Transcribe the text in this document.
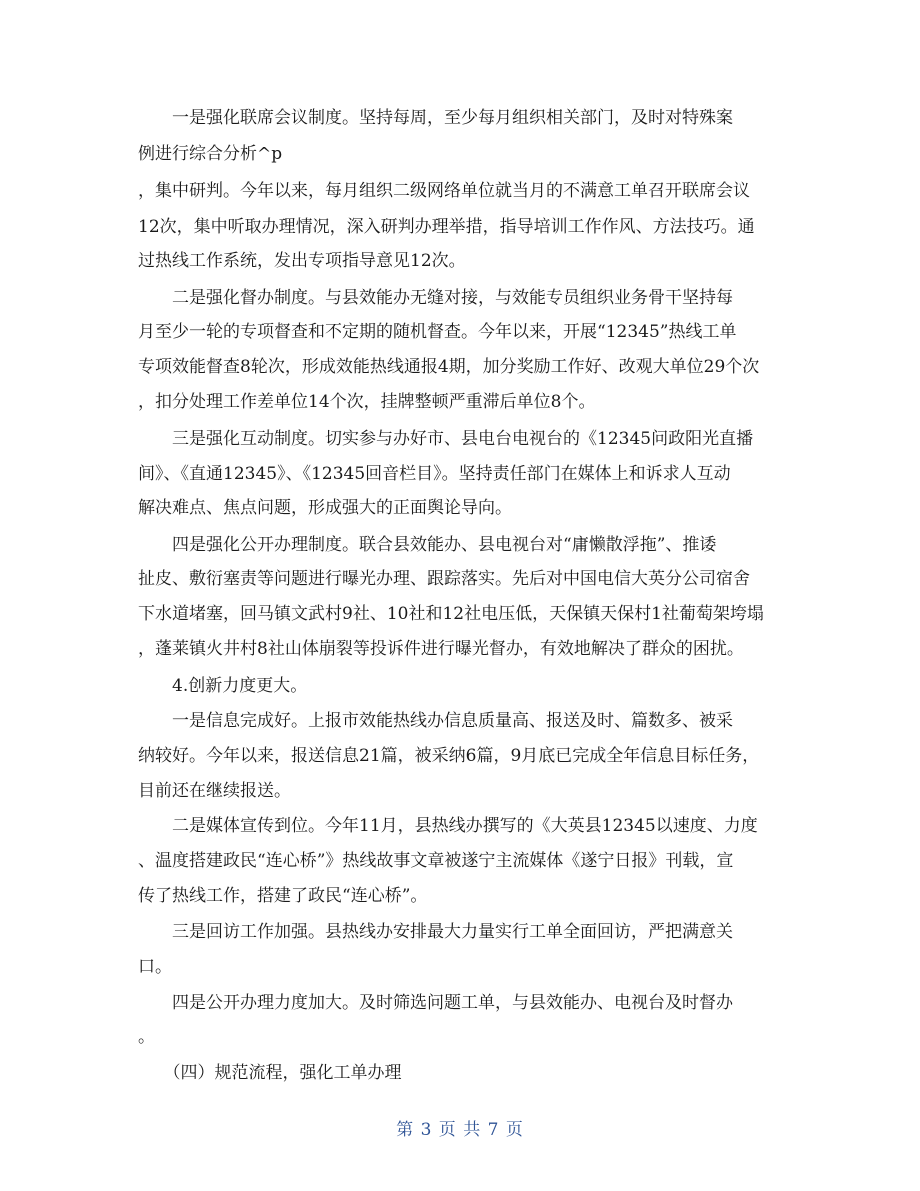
　　一是强化联席会议制度。坚持每周，至少每月组织相关部门，及时对特殊案
例进行综合分析^p
，集中研判。今年以来，每月组织二级网络单位就当月的不满意工单召开联席会议
12次，集中听取办理情况，深入研判办理举措，指导培训工作作风、方法技巧。通
过热线工作系统，发出专项指导意见12次。
　　二是强化督办制度。与县效能办无缝对接，与效能专员组织业务骨干坚持每
月至少一轮的专项督查和不定期的随机督查。今年以来，开展“12345”热线工单
专项效能督查8轮次，形成效能热线通报4期，加分奖励工作好、改观大单位29个次
，扣分处理工作差单位14个次，挂牌整顿严重滞后单位8个。
　　三是强化互动制度。切实参与办好市、县电台电视台的《12345问政阳光直播
间》、《直通12345》、《12345回音栏目》。坚持责任部门在媒体上和诉求人互动
解决难点、焦点问题，形成强大的正面舆论导向。
　　四是强化公开办理制度。联合县效能办、县电视台对“庸懒散浮拖”、推诿
扯皮、敷衍塞责等问题进行曝光办理、跟踪落实。先后对中国电信大英分公司宿舍
下水道堵塞，回马镇文武村9社、10社和12社电压低，天保镇天保村1社葡萄架垮塌
，蓬莱镇火井村8社山体崩裂等投诉件进行曝光督办，有效地解决了群众的困扰。
　　4.创新力度更大。
　　一是信息完成好。上报市效能热线办信息质量高、报送及时、篇数多、被采
纳较好。今年以来，报送信息21篇，被采纳6篇，9月底已完成全年信息目标任务，
目前还在继续报送。
　　二是媒体宣传到位。今年11月，县热线办撰写的《大英县12345以速度、力度
、温度搭建政民“连心桥”》热线故事文章被遂宁主流媒体《遂宁日报》刊载，宣
传了热线工作，搭建了政民“连心桥”。
　　三是回访工作加强。县热线办安排最大力量实行工单全面回访，严把满意关
口。
　　四是公开办理力度加大。及时筛选问题工单，与县效能办、电视台及时督办
。
　　（四）规范流程，强化工单办理
第 3 页 共 7 页
